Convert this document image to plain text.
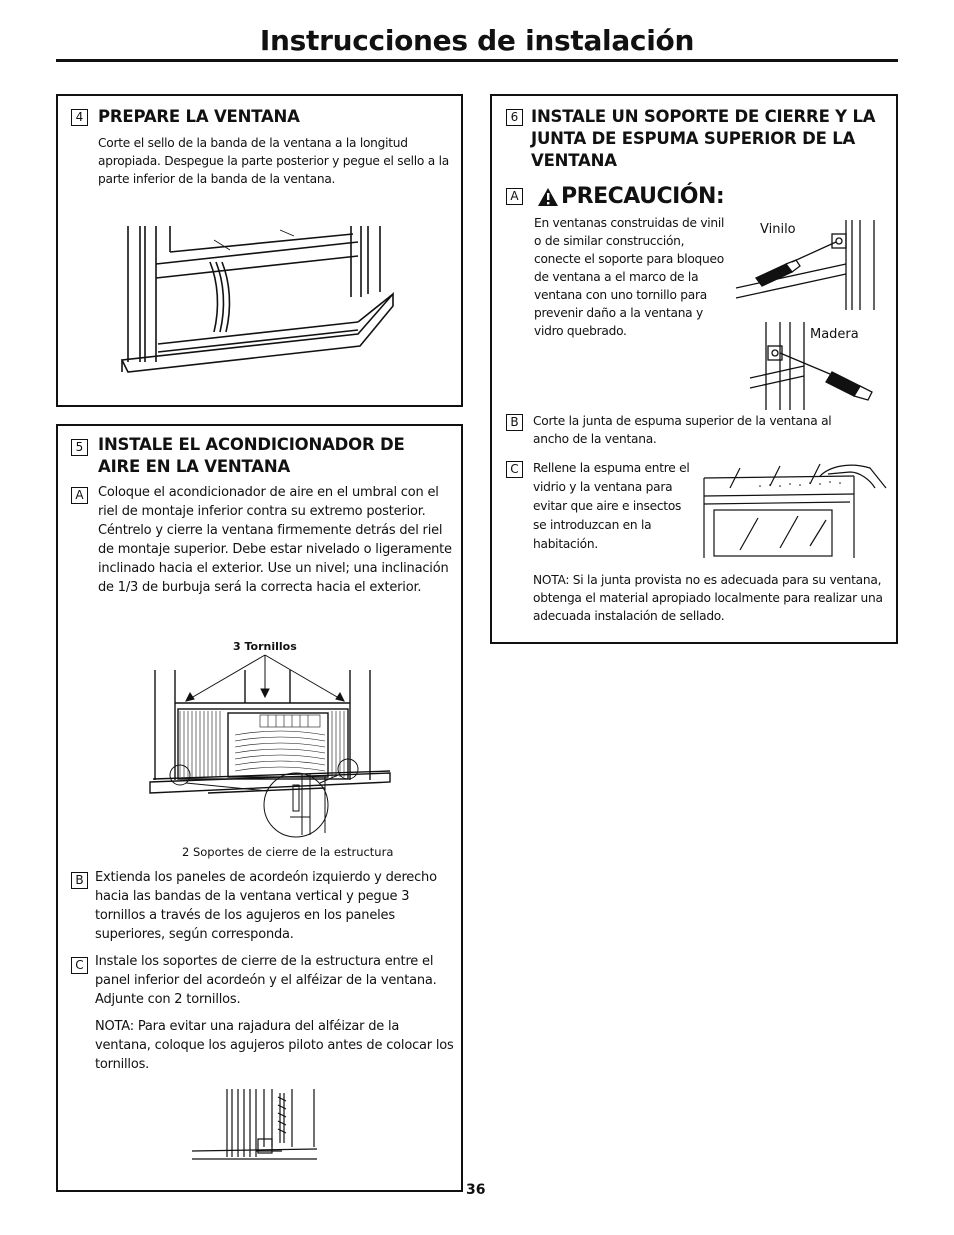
Instrucciones de instalación
4 PREPARE LA VENTANA
Corte el sello de la banda de la ventana a la longitud apropiada. Despegue la parte posterior y pegue el sello a la parte inferior de la banda de la ventana.
5 INSTALE EL ACONDICIONADOR DE AIRE EN LA VENTANA
A	Coloque el acondicionador de aire en el umbral con el riel de montaje inferior contra su extremo posterior. Céntrelo y cierre la ventana firmemente detrás del riel de montaje superior. Debe estar nivelado o ligeramente inclinado hacia el exterior. Use un nivel; una inclinación de 1/3 de burbuja será la correcta hacia el exterior.
3 Tornillos
2 Soportes de cierre de la estructura
B Extienda los paneles de acordeón izquierdo y derecho hacia las bandas de la ventana vertical y pegue 3 tornillos a través de los agujeros en los paneles superiores, según corresponda.
C Instale los soportes de cierre de la estructura entre el panel inferior del acordeón y el alféizar de la ventana. Adjunte con 2 tornillos.
NOTA: Para evitar una rajadura del alféizar de la ventana, coloque los agujeros piloto antes de colocar los tornillos.
36
6 INSTALE UN SOPORTE DE CIERRE Y LA JUNTA DE ESPUMA SUPERIOR DE LA VENTANA
A PRECAUCIÓN:
En ventanas construidas de vinil o de similar construcción, conecte el soporte para bloqueo de ventana a el marco de la ventana con uno tornillo para prevenir daño a la ventana y vidro quebrado.
Vinilo
Madera
B	Corte la junta de espuma superior de la ventana al ancho de la ventana.
C	Rellene la espuma entre el vidrio y la ventana para evitar que aire e insectos se introduzcan en la habitación.
NOTA: Si la junta provista no es adecuada para su ventana, obtenga el material apropiado localmente para realizar una adecuada instalación de sellado.
